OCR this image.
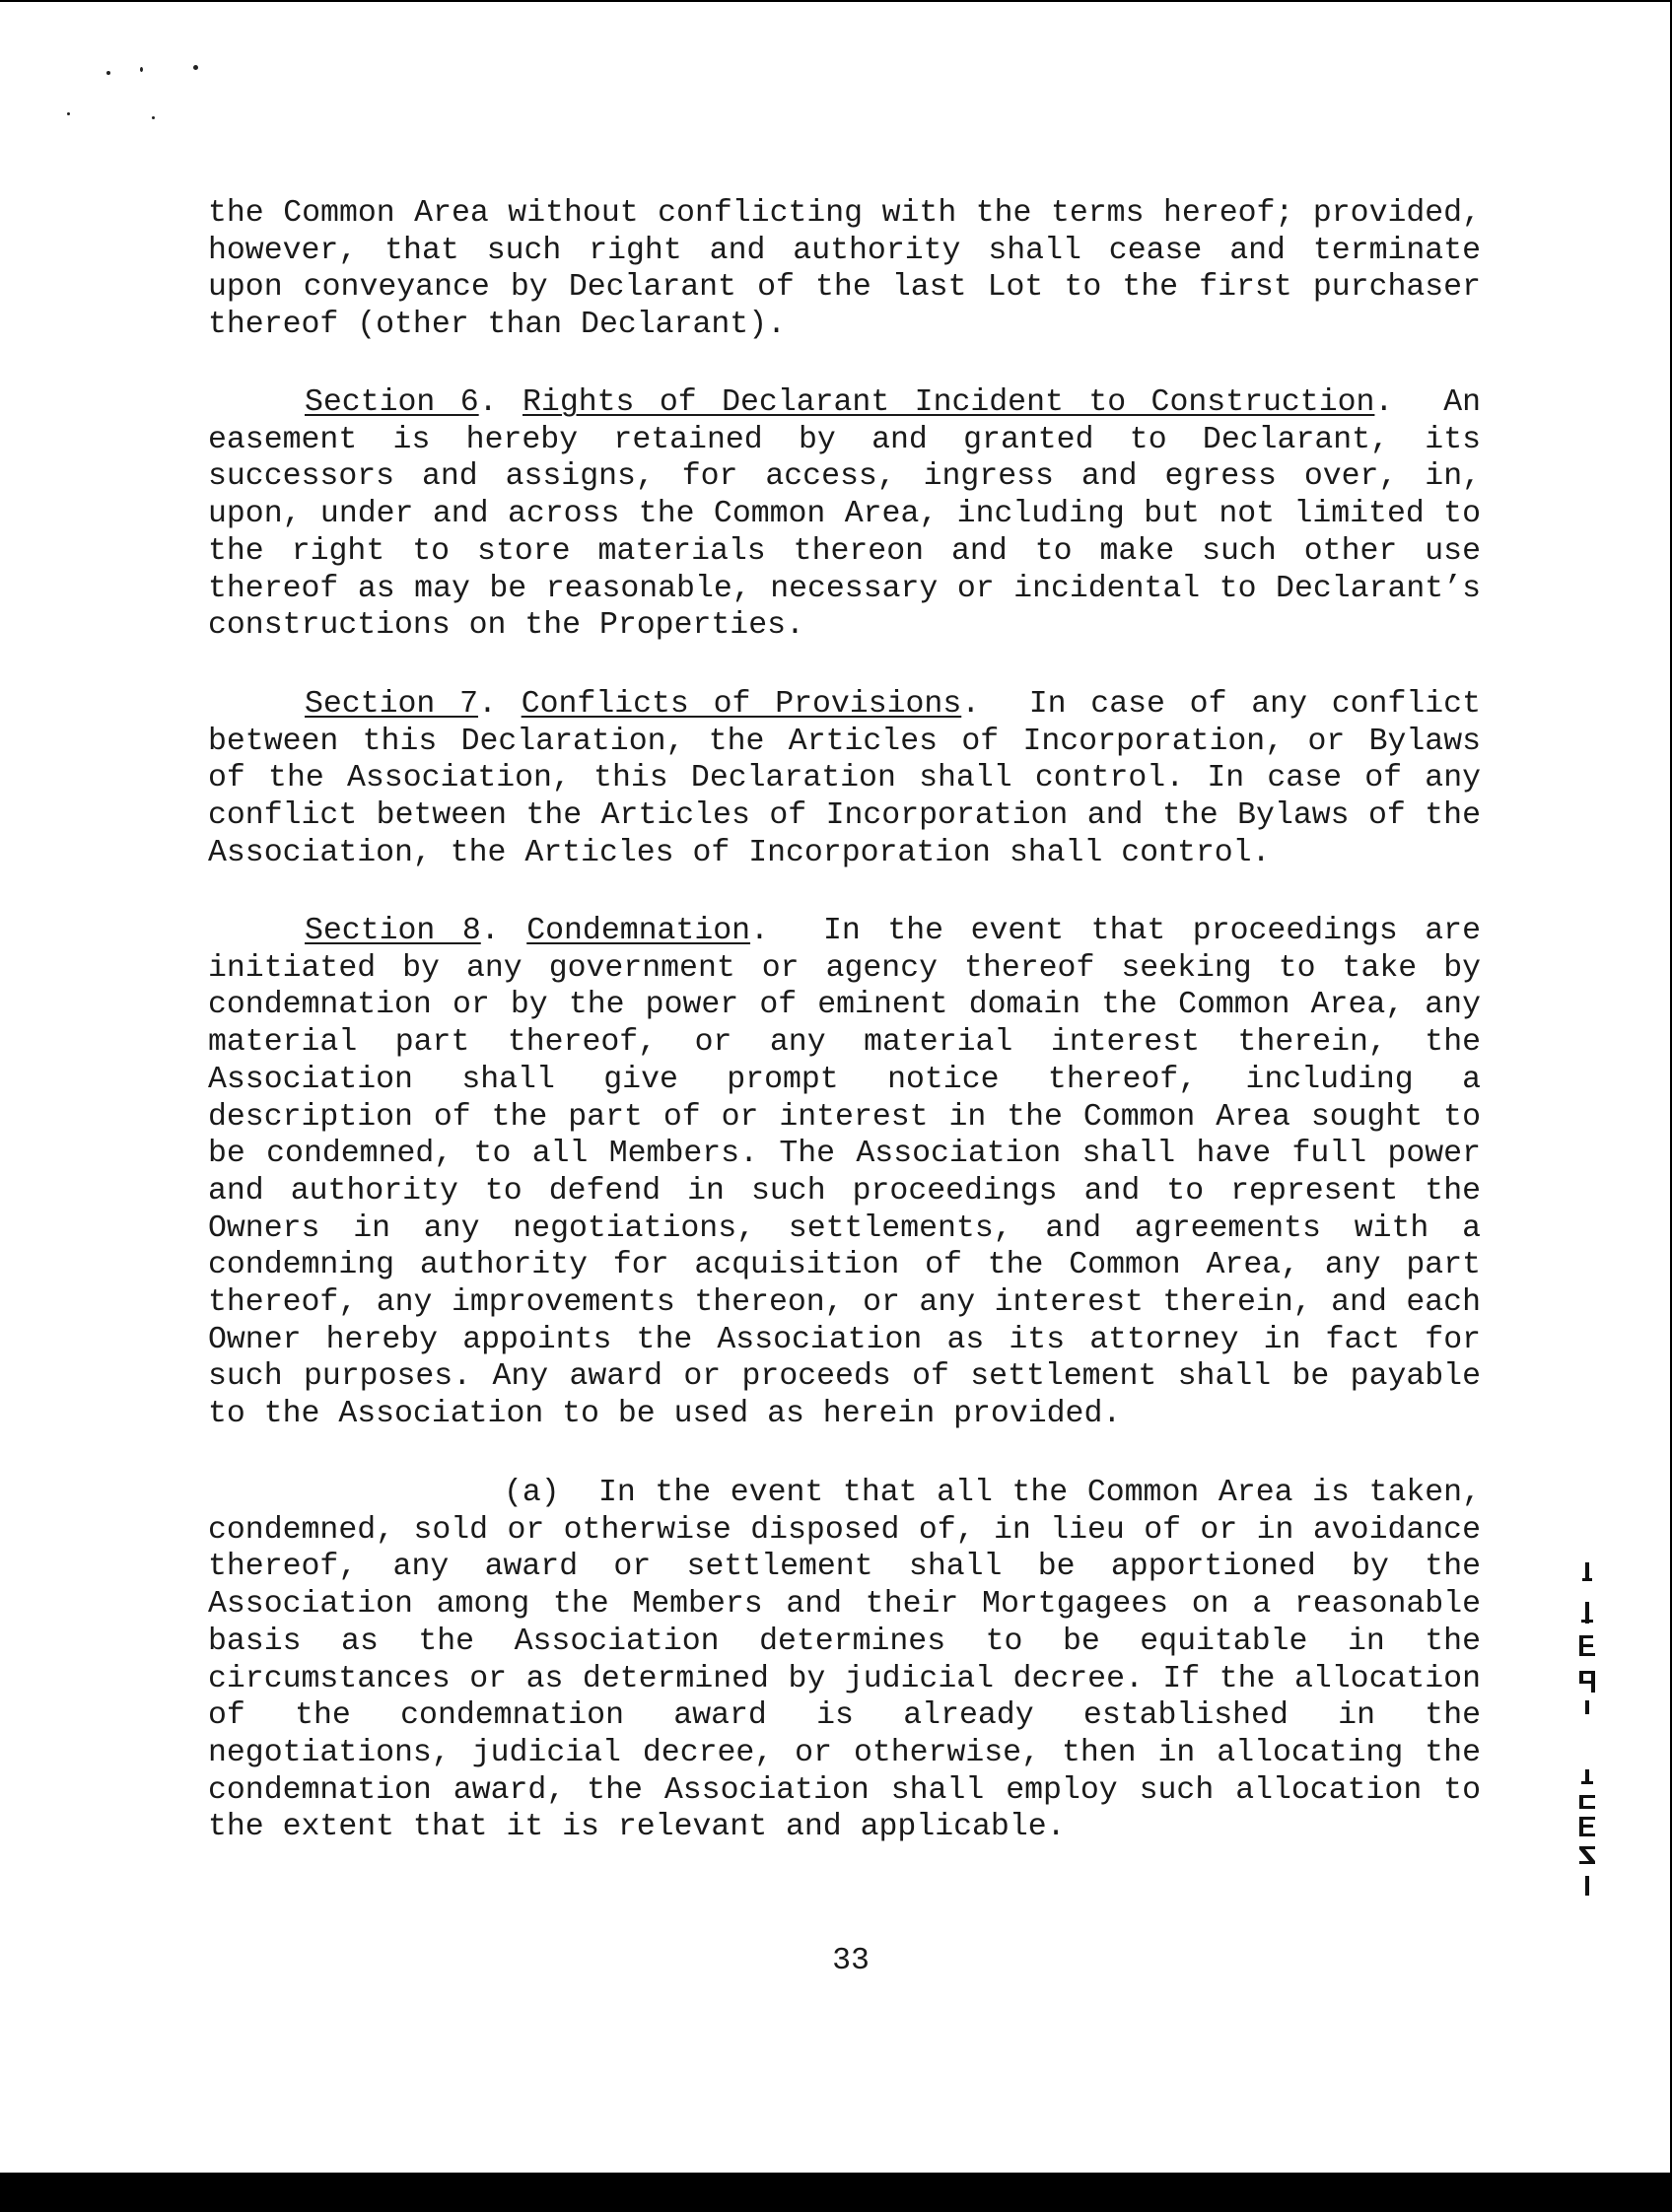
the Common Area without conflicting with the terms hereof; provided, however, that such right and authority shall cease and terminate upon conveyance by Declarant of the last Lot to the first purchaser thereof (other than Declarant).
Section 6. Rights of Declarant Incident to Construction.  An easement is hereby retained by and granted to Declarant, its successors and assigns, for access, ingress and egress over, in, upon, under and across the Common Area, including but not limited to the right to store materials thereon and to make such other use thereof as may be reasonable, necessary or incidental to Declarant’s constructions on the Properties.
Section 7. Conflicts of Provisions.  In case of any conflict between this Declaration, the Articles of Incorporation, or Bylaws of the Association, this Declaration shall control. In case of any conflict between the Articles of Incorporation and the Bylaws of the Association, the Articles of Incorporation shall control.
Section 8. Condemnation.  In the event that proceedings are initiated by any government or agency thereof seeking to take by condemnation or by the power of eminent domain the Common Area, any material part thereof, or any material interest therein, the Association shall give prompt notice thereof, including a description of the part of or interest in the Common Area sought to be condemned, to all Members. The Association shall have full power and authority to defend in such proceedings and to represent the Owners in any negotiations, settlements, and agreements with a condemning authority for acquisition of the Common Area, any part thereof, any improvements thereon, or any interest therein, and each Owner hereby appoints the Association as its attorney in fact for such purposes. Any award or proceeds of settlement shall be payable to the Association to be used as herein provided.
(a) In the event that all the Common Area is taken, condemned, sold or otherwise disposed of, in lieu of or in avoidance thereof, any award or settlement shall be apportioned by the Association among the Members and their Mortgagees on a reasonable basis as the Association determines to be equitable in the circumstances or as determined by judicial decree. If the allocation of the condemnation award is already established in the negotiations, judicial decree, or otherwise, then in allocating the condemnation award, the Association shall employ such allocation to the extent that it is relevant and applicable.
33
